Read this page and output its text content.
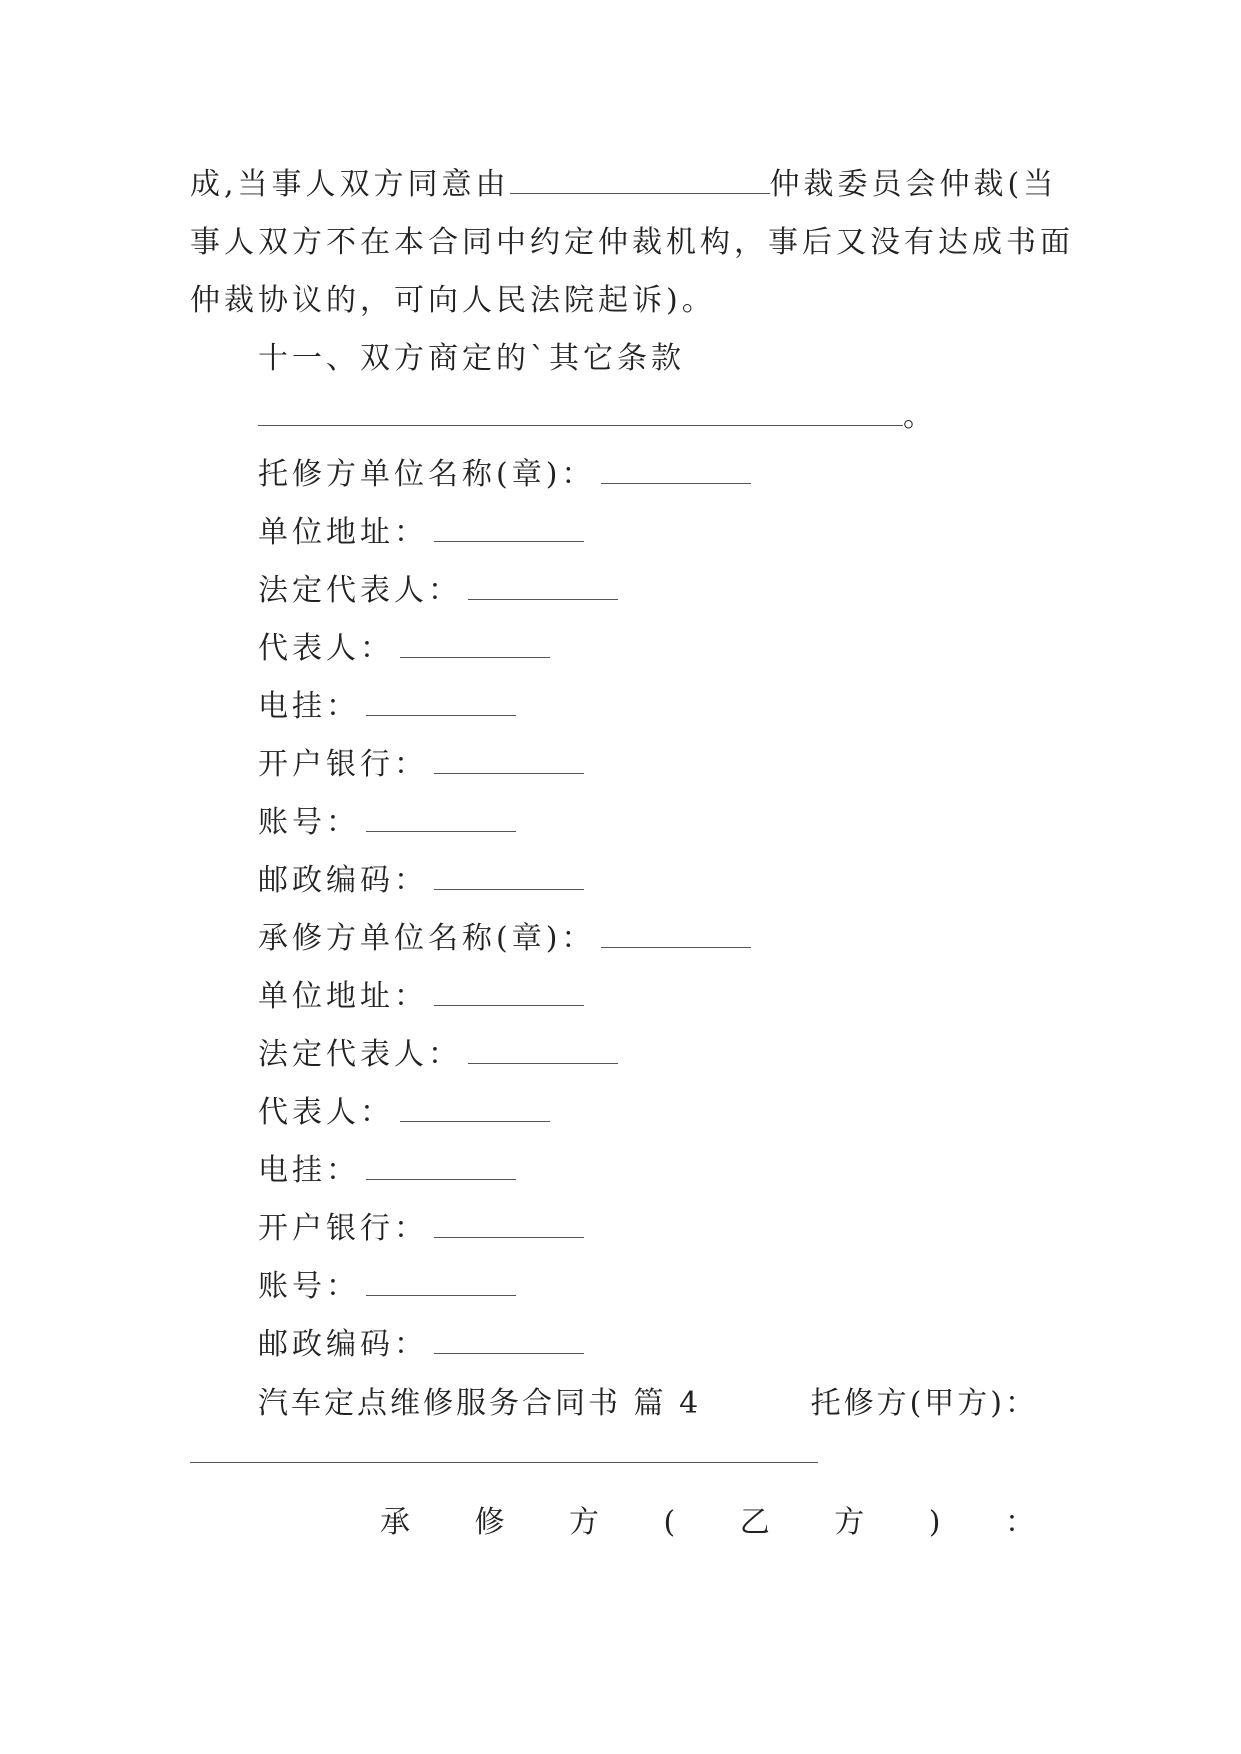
成,当事人双方同意由	仲裁委员会仲裁(当
事人双方不在本合同中约定仲裁机构，事后又没有达成书面
仲裁协议的，可向人民法院起诉)。
十一、双方商定的`其它条款
。
托修方单位名称(章)：
单位地址：
法定代表人：
代表人：
电挂：
开户银行：
账号：
邮政编码：
承修方单位名称(章)：
单位地址：
法定代表人：
代表人：
电挂：
开户银行：
账号：
邮政编码：
汽车定点维修服务合同书 篇 4	托修方(甲方)：
承 修 方 ( 乙 方 ) ：
